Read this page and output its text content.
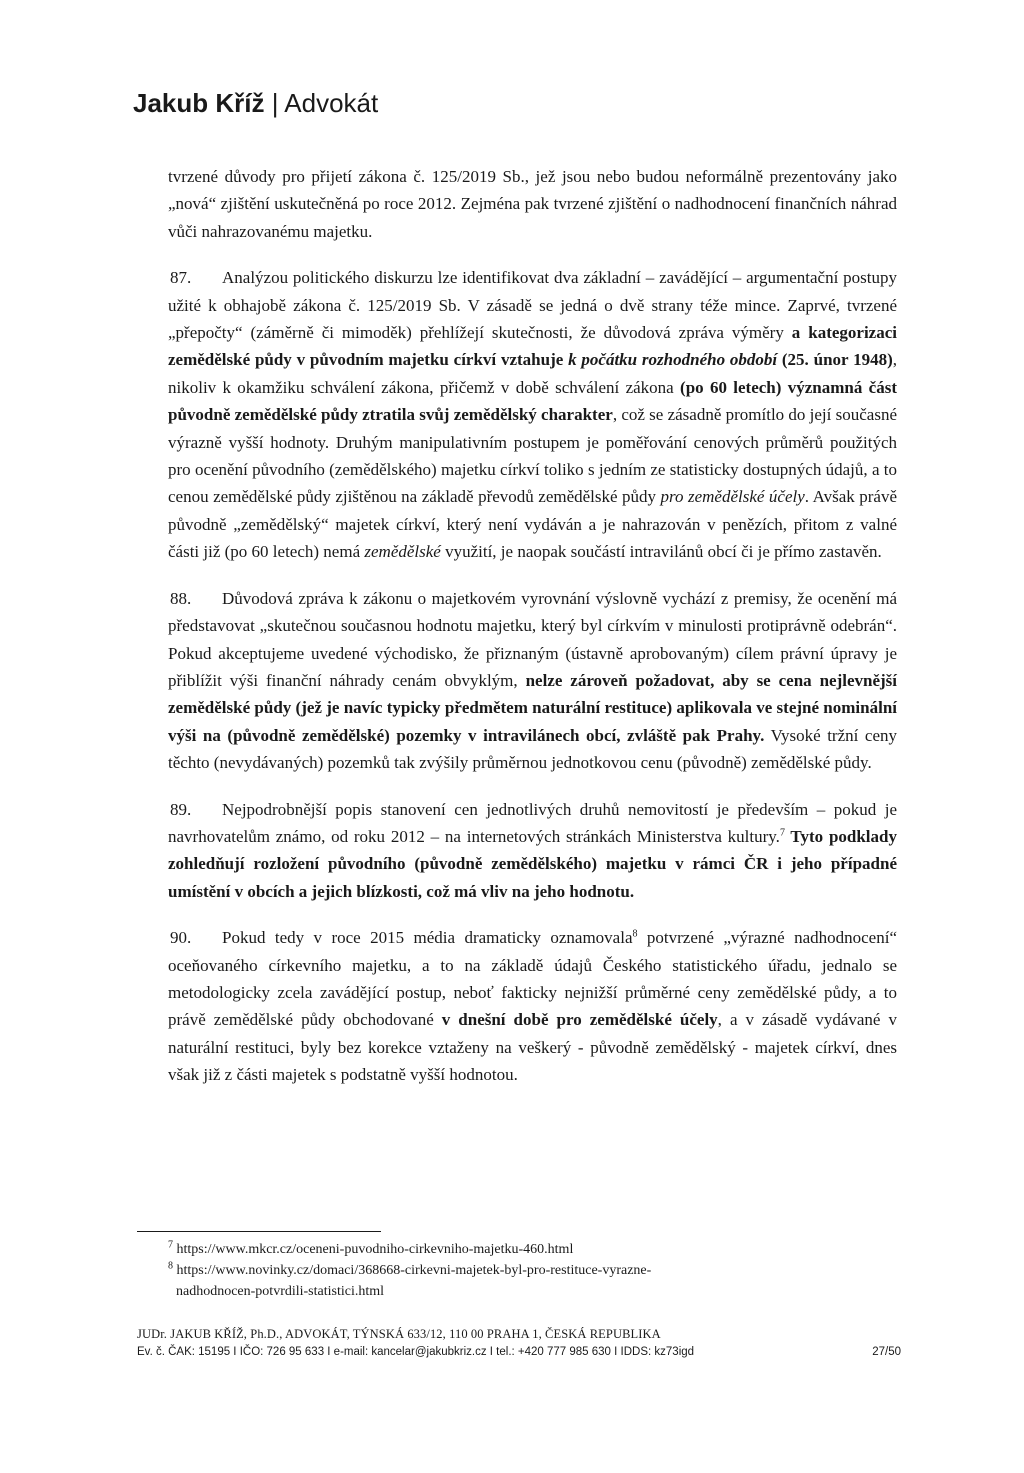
Jakub Kříž | Advokát

tvrzené důvody pro přijetí zákona č. 125/2019 Sb., jež jsou nebo budou neformálně prezentovány jako „nová“ zjištění uskutečněná po roce 2012. Zejména pak tvrzené zjištění o nadhodnocení finančních náhrad vůči nahrazovanému majetku.

87. Analýzou politického diskurzu lze identifikovat dva základní – zavádějící – argumentační postupy užité k obhajobě zákona č. 125/2019 Sb. V zásadě se jedná o dvě strany téže mince. Zaprvé, tvrzené „přepočty“ (záměrně či mimoděk) přehlížejí skutečnosti, že důvodová zpráva výměry a kategorizaci zemědělské půdy v původním majetku církví vztahuje k počátku rozhodného období (25. únor 1948), nikoliv k okamžiku schválení zákona, přičemž v době schválení zákona (po 60 letech) významná část původně zemědělské půdy ztratila svůj zemědělský charakter, což se zásadně promítlo do její současné výrazně vyšší hodnoty. Druhým manipulativním postupem je poměřování cenových průměrů použitých pro ocenění původního (zemědělského) majetku církví toliko s jedním ze statisticky dostupných údajů, a to cenou zemědělské půdy zjištěnou na základě převodů zemědělské půdy pro zemědělské účely. Avšak právě původně „zemědělský“ majetek církví, který není vydáván a je nahrazován v penězích, přitom z valné části již (po 60 letech) nemá zemědělské využití, je naopak součástí intravilánů obcí či je přímo zastavěn.

88. Důvodová zpráva k zákonu o majetkovém vyrovnání výslovně vychází z premisy, že ocenění má představovat „skutečnou současnou hodnotu majetku, který byl církvím v minulosti protiprávně odebrán“. Pokud akceptujeme uvedené východisko, že přiznaným (ústavně aprobovaným) cílem právní úpravy je přiblížit výši finanční náhrady cenám obvyklým, nelze zároveň požadovat, aby se cena nejlevnější zemědělské půdy (jež je navíc typicky předmětem naturální restituce) aplikovala ve stejné nominální výši na (původně zemědělské) pozemky v intravilánech obcí, zvláště pak Prahy. Vysoké tržní ceny těchto (nevydávaných) pozemků tak zvýšily průměrnou jednotkovou cenu (původně) zemědělské půdy.

89. Nejpodrobnější popis stanovení cen jednotlivých druhů nemovitostí je především – pokud je navrhovatelům známo, od roku 2012 – na internetových stránkách Ministerstva kultury.$^7$ Tyto podklady zohledňují rozložení původního (původně zemědělského) majetku v rámci ČR i jeho případné umístění v obcích a jejich blízkosti, což má vliv na jeho hodnotu.

90. Pokud tedy v roce 2015 média dramaticky oznamovala$^8$ potvrzené „výrazné nadhodnocení“ oceňovaného církevního majetku, a to na základě údajů Českého statistického úřadu, jednalo se metodologicky zcela zavádějící postup, neboť fakticky nejnižší průměrné ceny zemědělské půdy, a to právě zemědělské půdy obchodované v dnešní době pro zemědělské účely, a v zásadě vydávané v naturální restituci, byly bez korekce vztaženy na veškerý - původně zemědělský - majetek církví, dnes však již z části majetek s podstatně vyšší hodnotou.

$^7$ https://www.mkcr.cz/oceneni-puvodniho-cirkevniho-majetku-460.html

$^8$ https://www.novinky.cz/domaci/368668-cirkevni-majetek-byl-pro-restituce-vyrazne-

nadhodnocen-potvrdili-statistici.html

JUDr. JAKUB KŘÍŽ, Ph.D., ADVOKÁT, TÝNSKÁ 633/12, 110 00 PRAHA 1, ČESKÁ REPUBLIKA
Ev. č. ČAK: 15195 I IČO: 726 95 633 I e-mail: kancelar@jakubkriz.cz I tel.: +420 777 985 630 I IDDS: kz73igd	27/50
